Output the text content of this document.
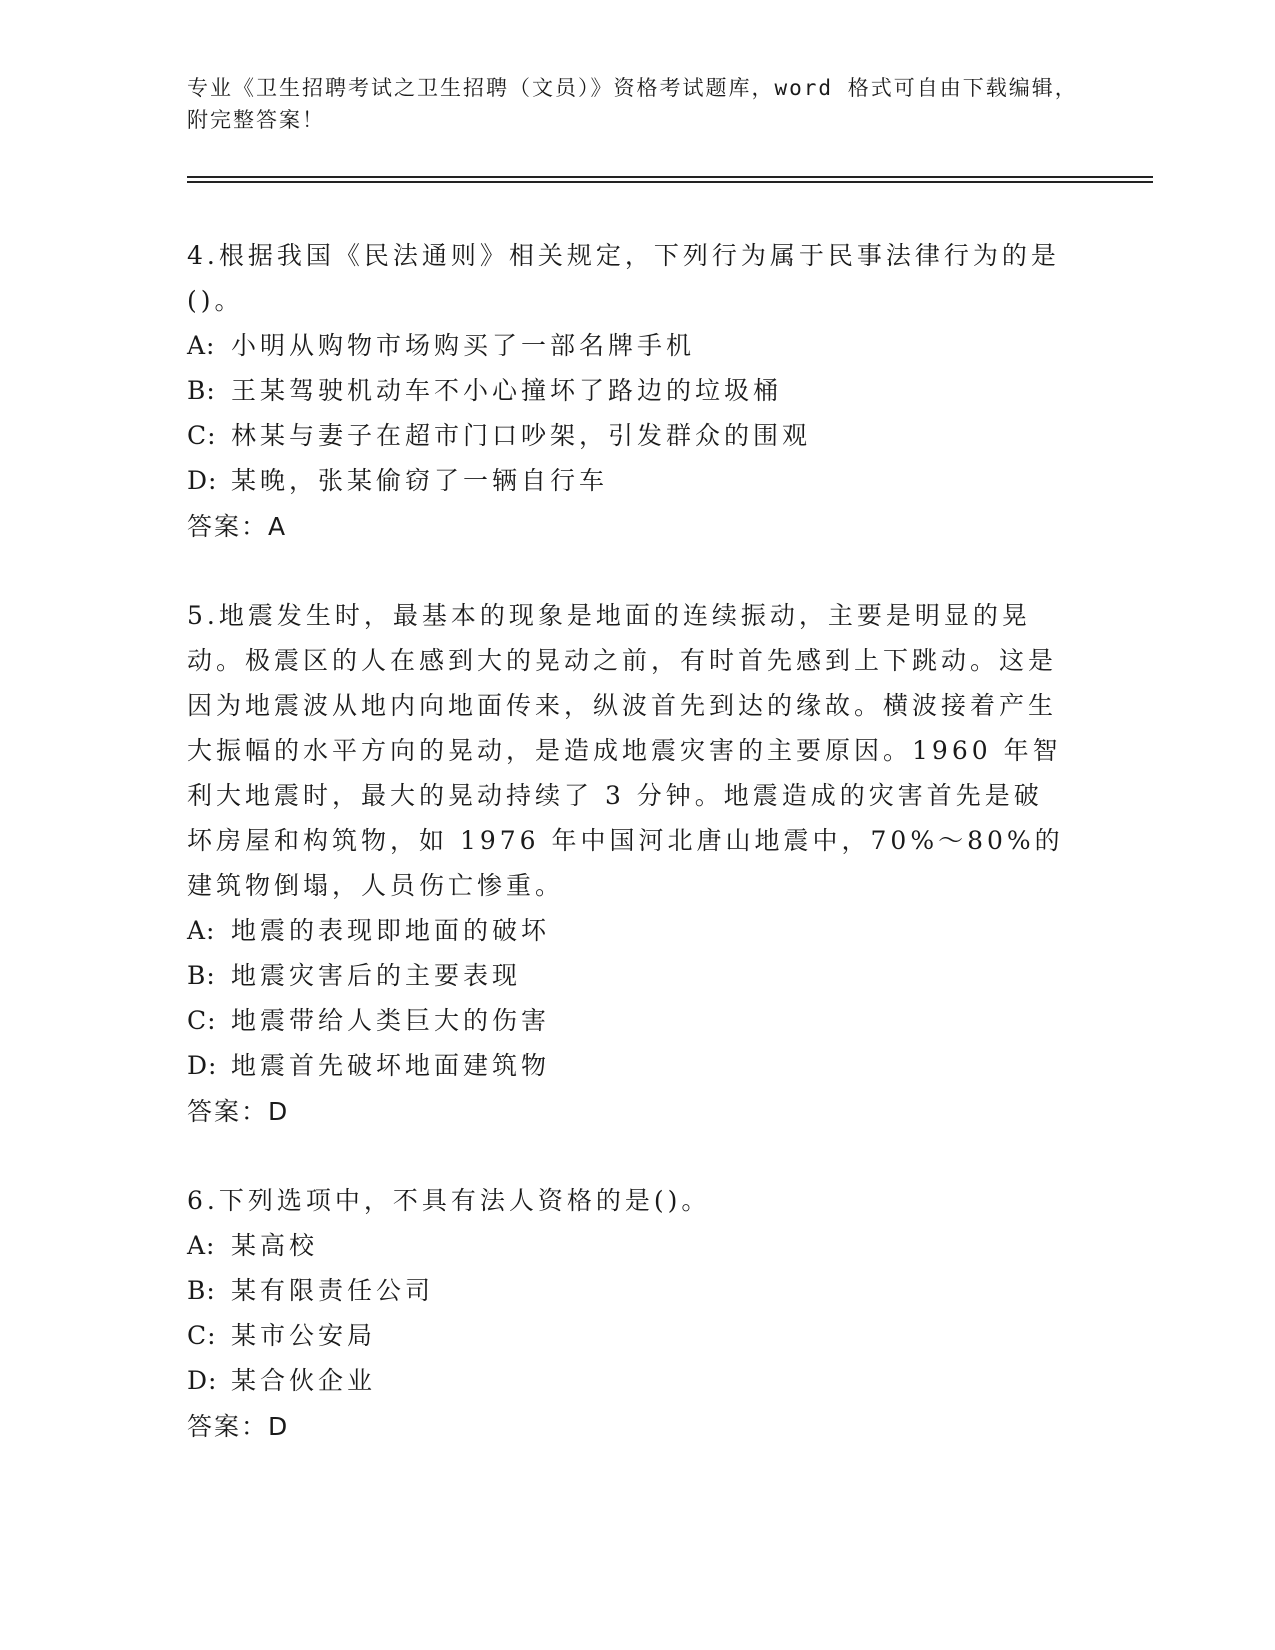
专业《卫生招聘考试之卫生招聘（文员）》资格考试题库，word 格式可自由下载编辑，附完整答案！

4.根据我国《民法通则》相关规定，下列行为属于民事法律行为的是()。

A: 小明从购物市场购买了一部名牌手机

B: 王某驾驶机动车不小心撞坏了路边的垃圾桶

C: 林某与妻子在超市门口吵架，引发群众的围观

D: 某晚，张某偷窃了一辆自行车

答案：A

5.地震发生时，最基本的现象是地面的连续振动，主要是明显的晃动。极震区的人在感到大的晃动之前，有时首先感到上下跳动。这是因为地震波从地内向地面传来，纵波首先到达的缘故。横波接着产生大振幅的水平方向的晃动，是造成地震灾害的主要原因。1960 年智利大地震时，最大的晃动持续了 3 分钟。地震造成的灾害首先是破坏房屋和构筑物，如 1976 年中国河北唐山地震中，70%～80%的建筑物倒塌，人员伤亡惨重。

A: 地震的表现即地面的破坏

B: 地震灾害后的主要表现

C: 地震带给人类巨大的伤害

D: 地震首先破坏地面建筑物

答案：D

6.下列选项中，不具有法人资格的是()。

A: 某高校

B: 某有限责任公司

C: 某市公安局

D: 某合伙企业

答案：D
